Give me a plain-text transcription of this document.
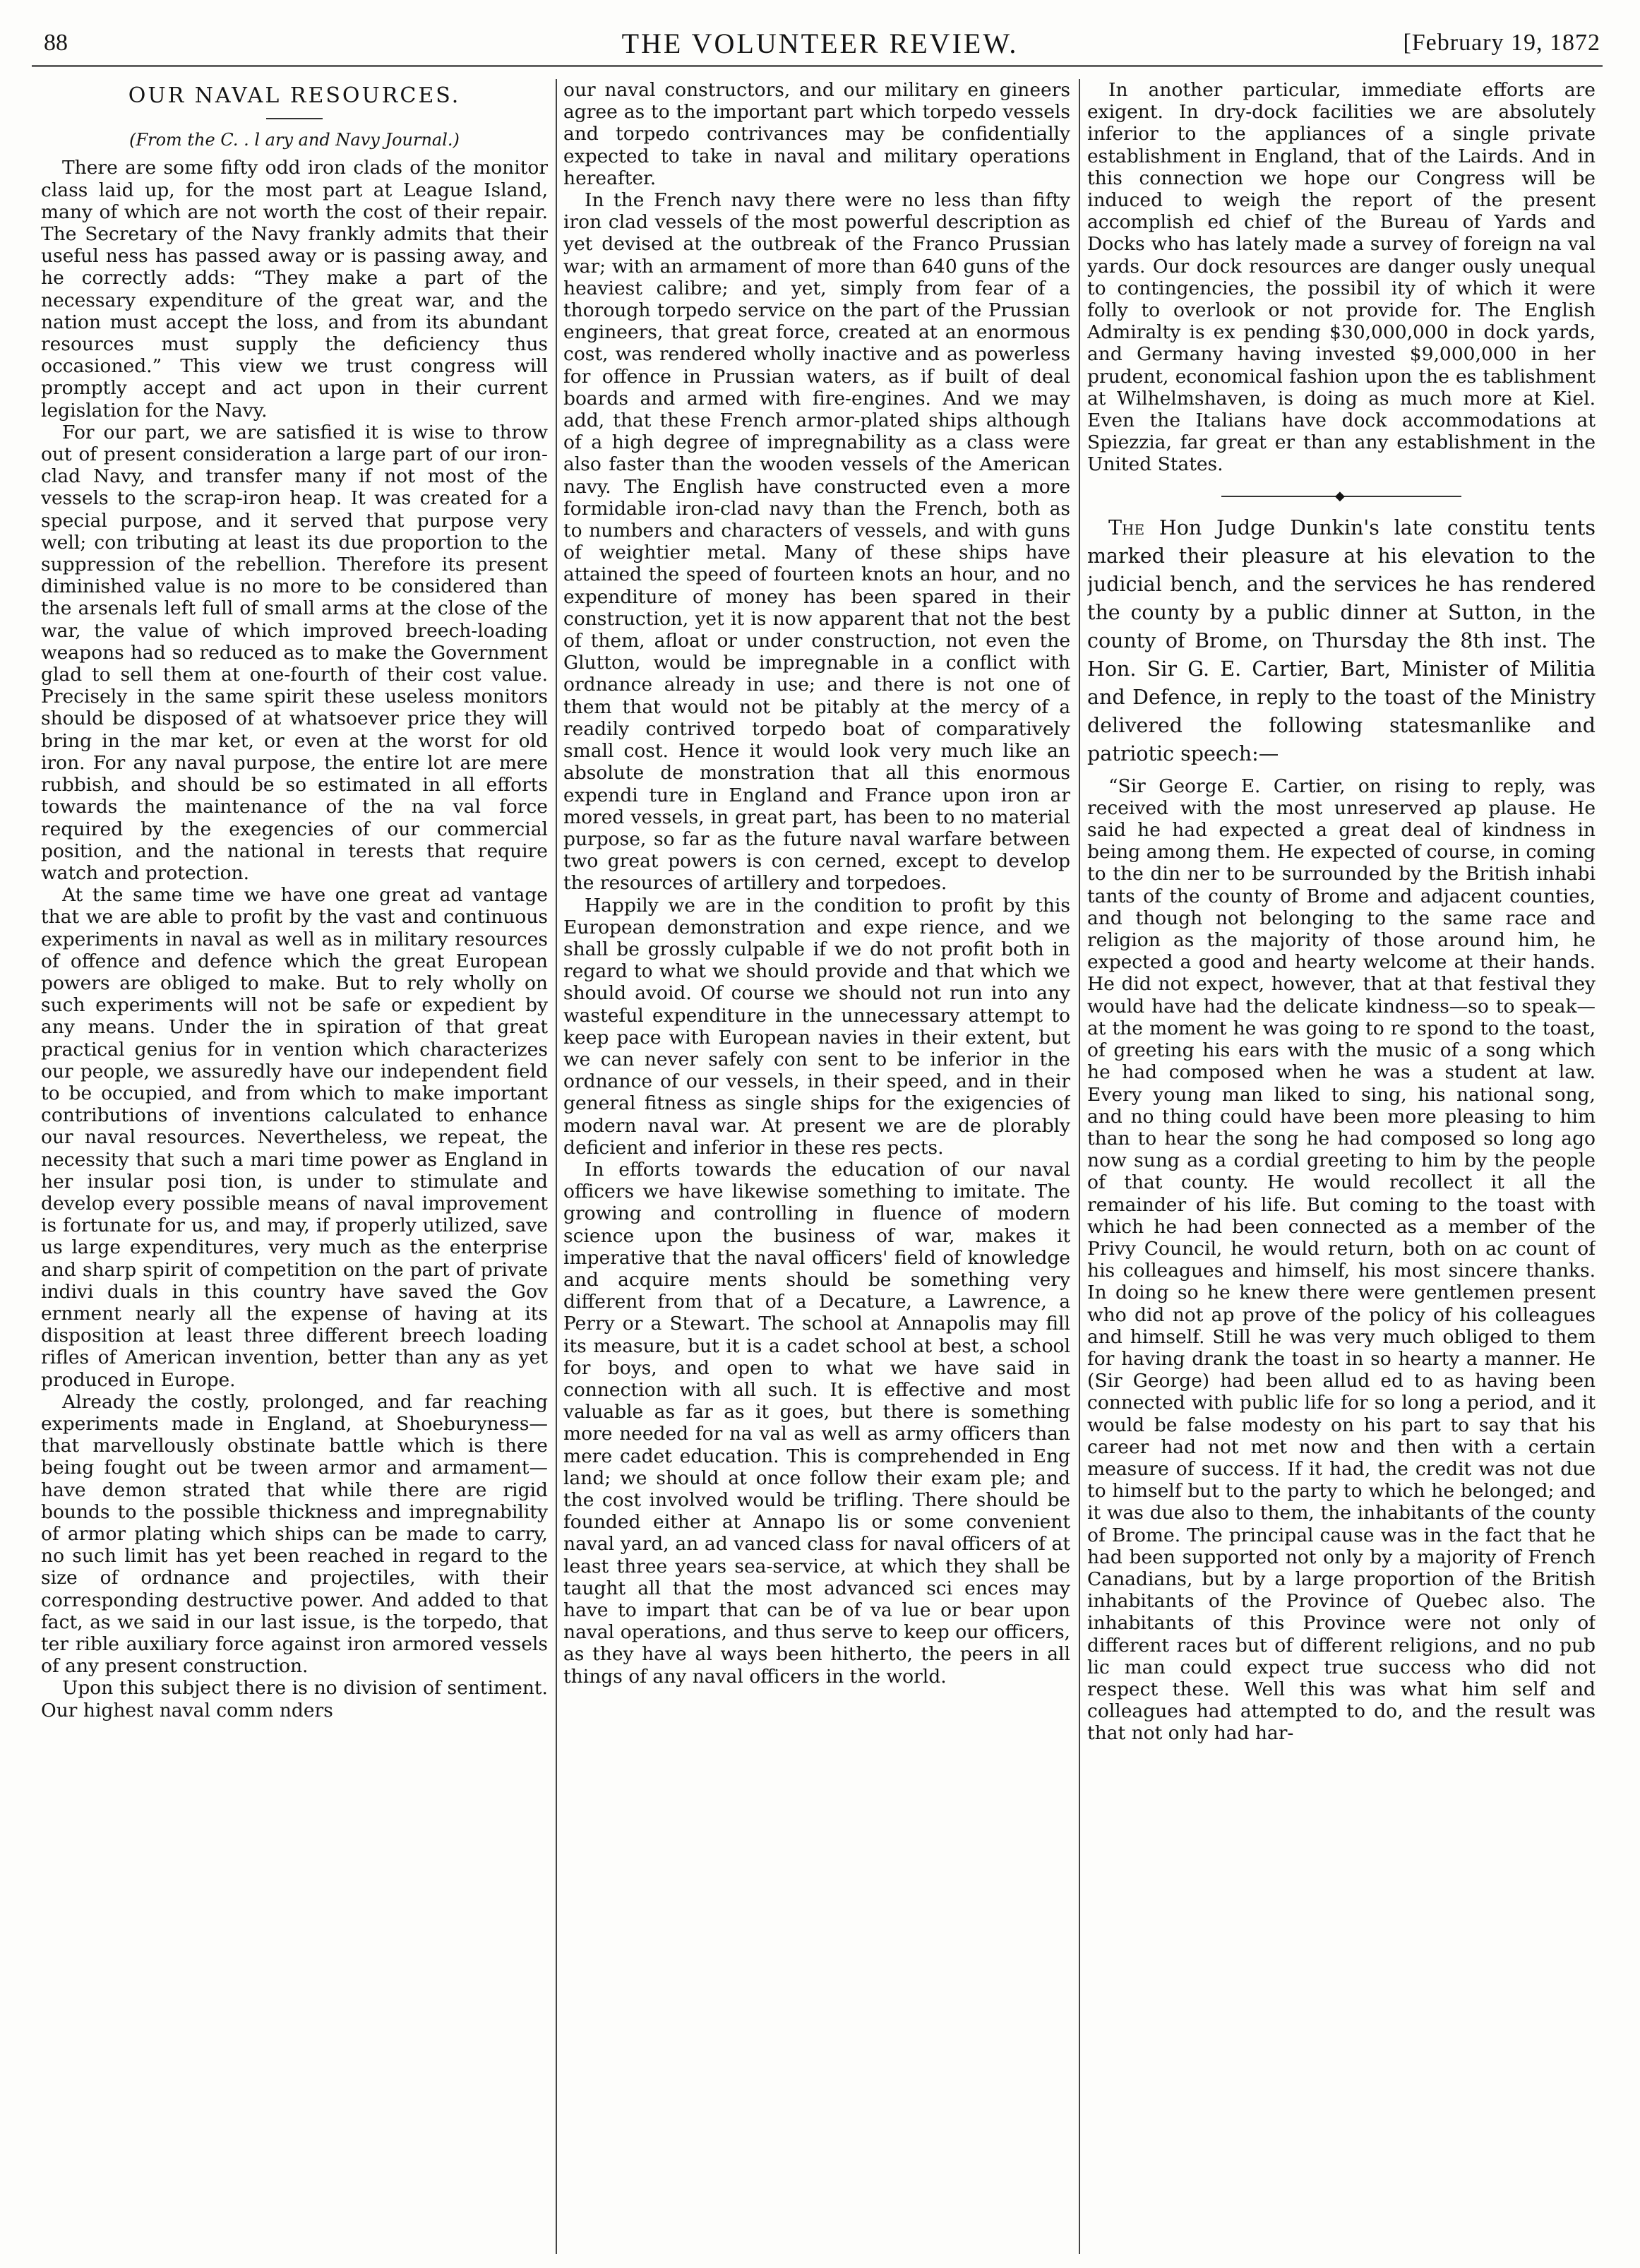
88	THE VOLUNTEER REVIEW.	[February 19, 1872
OUR NAVAL RESOURCES.
(From the C. . l ary and Navy Journal.)

There are some fifty odd iron clads of the monitor class laid up, for the most part at League Island, many of which are not worth the cost of their repair. The Secretary of the Navy frankly admits that their useful ness has passed away or is passing away, and he correctly adds: “They make a part of the necessary expenditure of the great war, and the nation must accept the loss, and from its abundant resources must supply the deficiency thus occasioned.” This view we trust congress will promptly accept and act upon in their current legislation for the Navy.

For our part, we are satisfied it is wise to throw out of present consideration a large part of our iron-clad Navy, and transfer many if not most of the vessels to the scrap-iron heap. It was created for a special purpose, and it served that purpose very well; con tributing at least its due proportion to the suppression of the rebellion. Therefore its present diminished value is no more to be considered than the arsenals left full of small arms at the close of the war, the value of which improved breech-loading weapons had so reduced as to make the Government glad to sell them at one-fourth of their cost value. Precisely in the same spirit these useless monitors should be disposed of at whatsoever price they will bring in the mar ket, or even at the worst for old iron. For any naval purpose, the entire lot are mere rubbish, and should be so estimated in all efforts towards the maintenance of the na val force required by the exegencies of our commercial position, and the national in terests that require watch and protection.

At the same time we have one great ad vantage that we are able to profit by the vast and continuous experiments in naval as well as in military resources of offence and defence which the great European powers are obliged to make. But to rely wholly on such experiments will not be safe or expedient by any means. Under the in spiration of that great practical genius for in vention which characterizes our people, we assuredly have our independent field to be occupied, and from which to make important contributions of inventions calculated to enhance our naval resources. Nevertheless, we repeat, the necessity that such a mari time power as England in her insular posi tion, is under to stimulate and develop every possible means of naval improvement is fortunate for us, and may, if properly utilized, save us large expenditures, very much as the enterprise and sharp spirit of competition on the part of private indivi duals in this country have saved the Gov ernment nearly all the expense of having at its disposition at least three different breech loading rifles of American invention, better than any as yet produced in Europe.

Already the costly, prolonged, and far reaching experiments made in England, at Shoeburyness—that marvellously obstinate battle which is there being fought out be tween armor and armament—have demon strated that while there are rigid bounds to the possible thickness and impregnability of armor plating which ships can be made to carry, no such limit has yet been reached in regard to the size of ordnance and projectiles, with their corresponding destructive power. And added to that fact, as we said in our last issue, is the torpedo, that ter rible auxiliary force against iron armored vessels of any present construction.

Upon this subject there is no division of sentiment. Our highest naval comm nders

our naval constructors, and our military en gineers agree as to the important part which torpedo vessels and torpedo contrivances may be confidentially expected to take in naval and military operations hereafter.

In the French navy there were no less than fifty iron clad vessels of the most powerful description as yet devised at the outbreak of the Franco Prussian war; with an armament of more than 640 guns of the heaviest calibre; and yet, simply from fear of a thorough torpedo service on the part of the Prussian engineers, that great force, created at an enormous cost, was rendered wholly inactive and as powerless for offence in Prussian waters, as if built of deal boards and armed with fire-engines. And we may add, that these French armor-plated ships although of a high degree of impregnability as a class were also faster than the wooden vessels of the American navy. The English have constructed even a more formidable iron-clad navy than the French, both as to numbers and characters of vessels, and with guns of weightier metal. Many of these ships have attained the speed of fourteen knots an hour, and no expenditure of money has been spared in their construction, yet it is now apparent that not the best of them, afloat or under construction, not even the Glutton, would be impregnable in a conflict with ordnance already in use; and there is not one of them that would not be pitably at the mercy of a readily contrived torpedo boat of comparatively small cost. Hence it would look very much like an absolute de monstration that all this enormous expendi ture in England and France upon iron ar mored vessels, in great part, has been to no material purpose, so far as the future naval warfare between two great powers is con cerned, except to develop the resources of artillery and torpedoes.

Happily we are in the condition to profit by this European demonstration and expe rience, and we shall be grossly culpable if we do not profit both in regard to what we should provide and that which we should avoid. Of course we should not run into any wasteful expenditure in the unnecessary attempt to keep pace with European navies in their extent, but we can never safely con sent to be inferior in the ordnance of our vessels, in their speed, and in their general fitness as single ships for the exigencies of modern naval war. At present we are de plorably deficient and inferior in these res pects.

In efforts towards the education of our naval officers we have likewise something to imitate. The growing and controlling in fluence of modern science upon the business of war, makes it imperative that the naval officers' field of knowledge and acquire ments should be something very different from that of a Decature, a Lawrence, a Perry or a Stewart. The school at Annapolis may fill its measure, but it is a cadet school at best, a school for boys, and open to what we have said in connection with all such. It is effective and most valuable as far as it goes, but there is something more needed for na val as well as army officers than mere cadet education. This is comprehended in Eng land; we should at once follow their exam ple; and the cost involved would be trifling. There should be founded either at Annapo lis or some convenient naval yard, an ad vanced class for naval officers of at least three years sea-service, at which they shall be taught all that the most advanced sci ences may have to impart that can be of va lue or bear upon naval operations, and thus serve to keep our officers, as they have al ways been hitherto, the peers in all things of any naval officers in the world.

In another particular, immediate efforts are exigent. In dry-dock facilities we are absolutely inferior to the appliances of a single private establishment in England, that of the Lairds. And in this connection we hope our Congress will be induced to weigh the report of the present accomplish ed chief of the Bureau of Yards and Docks who has lately made a survey of foreign na val yards. Our dock resources are danger ously unequal to contingencies, the possibil ity of which it were folly to overlook or not provide for. The English Admiralty is ex pending $30,000,000 in dock yards, and Germany having invested $9,000,000 in her prudent, economical fashion upon the es tablishment at Wilhelmshaven, is doing as much more at Kiel. Even the Italians have dock accommodations at Spiezzia, far great er than any establishment in the United States.

◆

The Hon Judge Dunkin's late constitu tents marked their pleasure at his elevation to the judicial bench, and the services he has rendered the county by a public dinner at Sutton, in the county of Brome, on Thursday the 8th inst. The Hon. Sir G. E. Cartier, Bart, Minister of Militia and Defence, in reply to the toast of the Ministry delivered the following statesmanlike and patriotic speech:—

“Sir George E. Cartier, on rising to reply, was received with the most unreserved ap plause. He said he had expected a great deal of kindness in being among them. He expected of course, in coming to the din ner to be surrounded by the British inhabi tants of the county of Brome and adjacent counties, and though not belonging to the same race and religion as the majority of those around him, he expected a good and hearty welcome at their hands. He did not expect, however, that at that festival they would have had the delicate kindness—so to speak—at the moment he was going to re spond to the toast, of greeting his ears with the music of a song which he had composed when he was a student at law. Every young man liked to sing, his national song, and no thing could have been more pleasing to him than to hear the song he had composed so long ago now sung as a cordial greeting to him by the people of that county. He would recollect it all the remainder of his life. But coming to the toast with which he had been connected as a member of the Privy Council, he would return, both on ac count of his colleagues and himself, his most sincere thanks. In doing so he knew there were gentlemen present who did not ap prove of the policy of his colleagues and himself. Still he was very much obliged to them for having drank the toast in so hearty a manner. He (Sir George) had been allud ed to as having been connected with public life for so long a period, and it would be false modesty on his part to say that his career had not met now and then with a certain measure of success. If it had, the credit was not due to himself but to the party to which he belonged; and it was due also to them, the inhabitants of the county of Brome. The principal cause was in the fact that he had been supported not only by a majority of French Canadians, but by a large proportion of the British inhabitants of the Province of Quebec also. The inhabitants of this Province were not only of different races but of different religions, and no pub lic man could expect true success who did not respect these. Well this was what him self and colleagues had attempted to do, and the result was that not only had har-
